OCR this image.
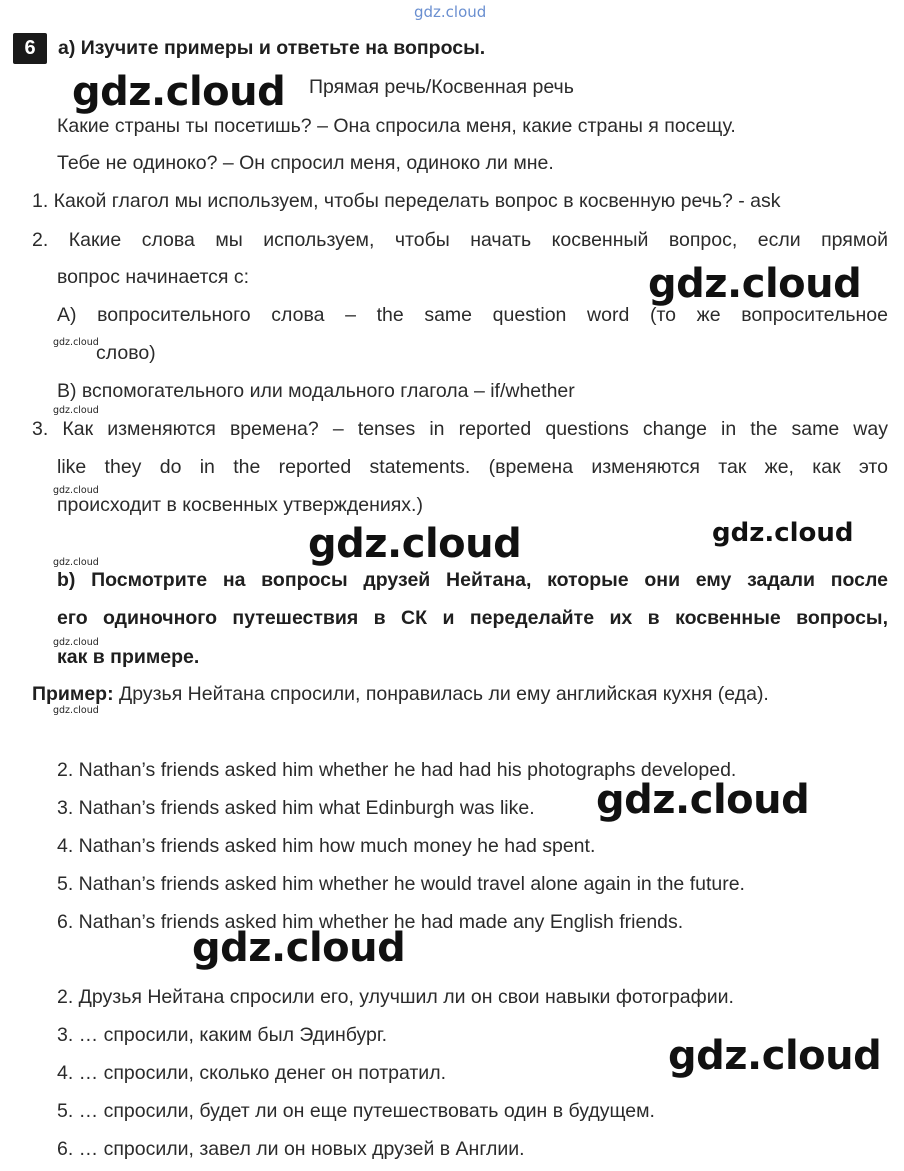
gdz.cloud
6	a) Изучите примеры и ответьте на вопросы.
Прямая речь/Косвенная речь
Какие страны ты посетишь? – Она спросила меня, какие страны я посещу.
Тебе не одиноко? – Он спросил меня, одиноко ли мне.
1. Какой глагол мы используем, чтобы переделать вопрос в косвенную речь? - ask
2. Какие слова мы используем, чтобы начать косвенный вопрос, если прямой
вопрос начинается с:
A) вопросительного слова – the same question word (то же вопросительное
слово)
B) вспомогательного или модального глагола – if/whether
3. Как изменяются времена? – tenses in reported questions change in the same way
like they do in the reported statements. (времена изменяются так же, как это
происходит в косвенных утверждениях.)
b) Посмотрите на вопросы друзей Нейтана, которые они ему задали после
его одиночного путешествия в СК и переделайте их в косвенные вопросы,
как в примере.
Пример: Друзья Нейтана спросили, понравилась ли ему английская кухня (еда).
2. Nathan’s friends asked him whether he had had his photographs developed.
3. Nathan’s friends asked him what Edinburgh was like.
4. Nathan’s friends asked him how much money he had spent.
5. Nathan’s friends asked him whether he would travel alone again in the future.
6. Nathan’s friends asked him whether he had made any English friends.
2. Друзья Нейтана спросили его, улучшил ли он свои навыки фотографии.
3. … спросили, каким был Эдинбург.
4. … спросили, сколько денег он потратил.
5. … спросили, будет ли он еще путешествовать один в будущем.
6. … спросили, завел ли он новых друзей в Англии.
gdz.cloud
gdz.cloud
gdz.cloud	gdz.cloud
gdz.cloud
gdz.cloud
gdz.cloud
gdz.cloud
gdz.cloud
gdz.cloud
gdz.cloud
gdz.cloud
gdz.cloud
